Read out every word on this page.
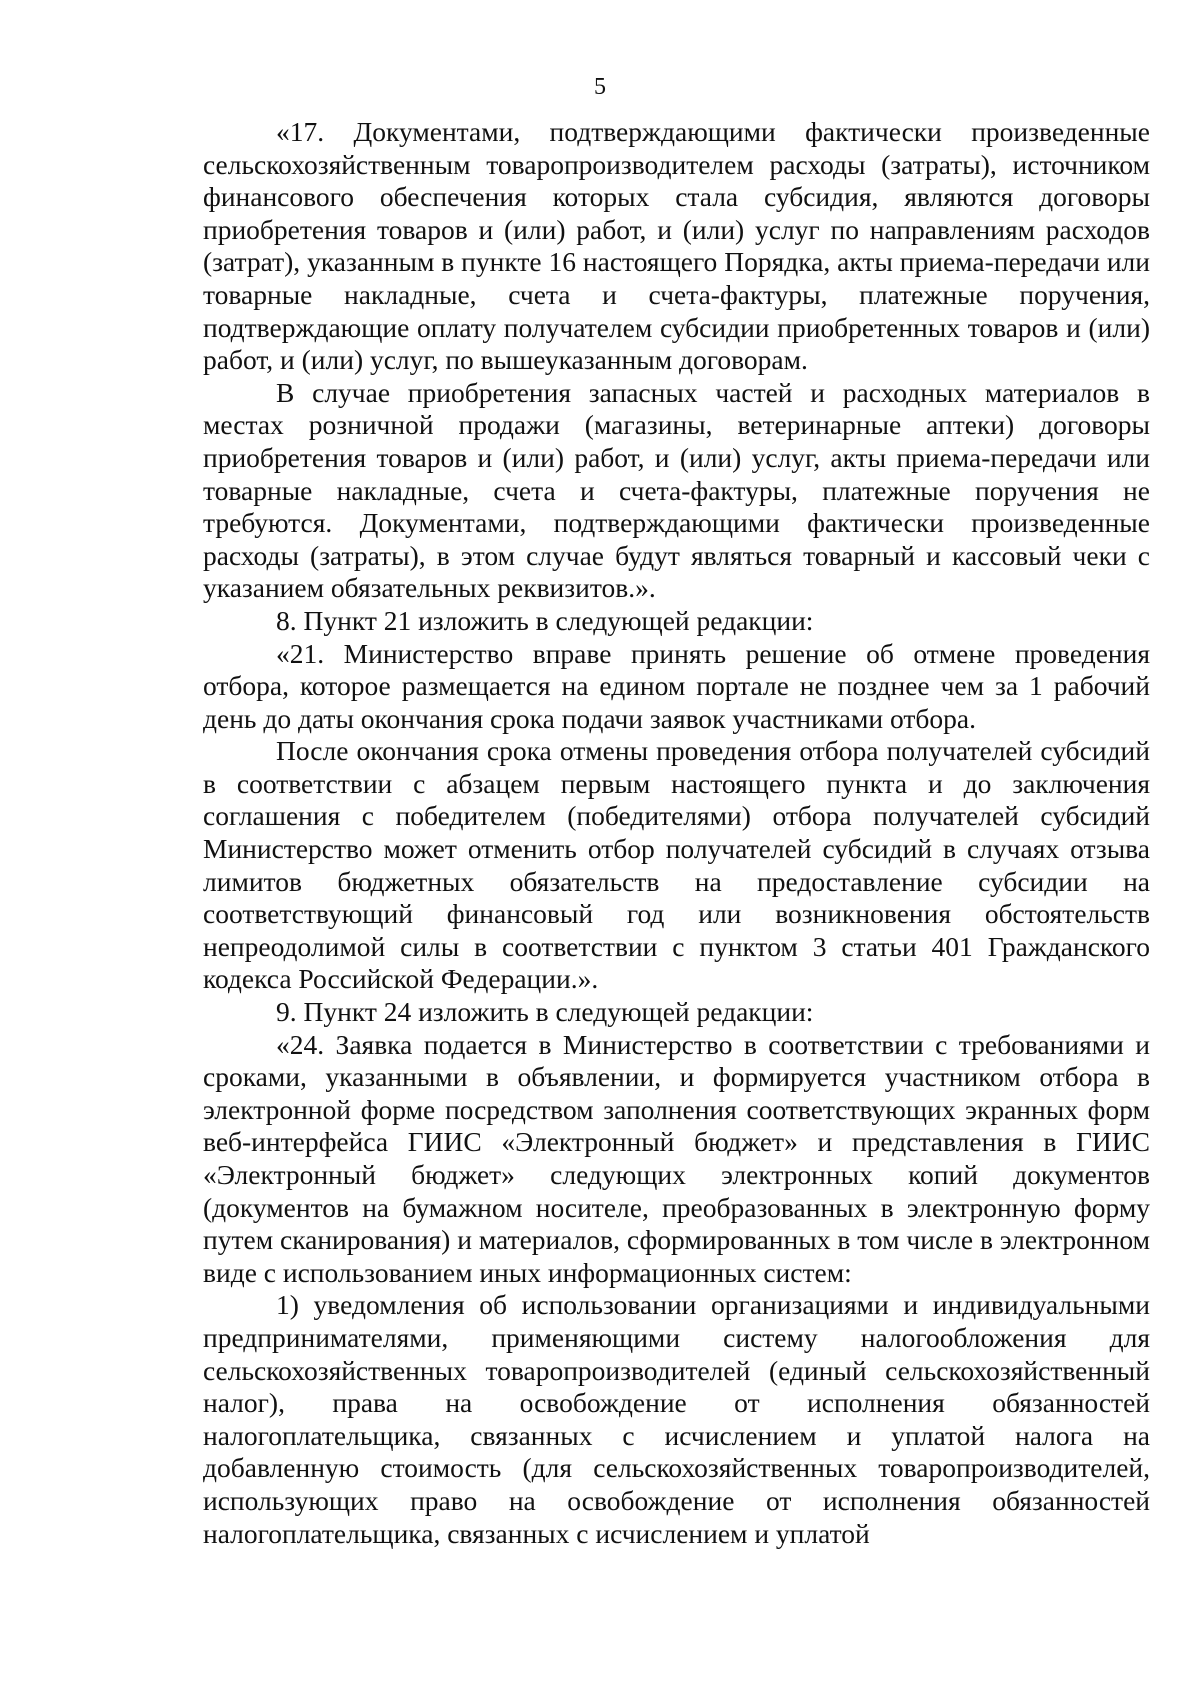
5

«17. Документами, подтверждающими фактически произведенные сельскохозяйственным товаропроизводителем расходы (затраты), источником финансового обеспечения которых стала субсидия, являются договоры приобретения товаров и (или) работ, и (или) услуг по направлениям расходов (затрат), указанным в пункте 16 настоящего Порядка, акты приема-передачи или товарные накладные, счета и счета-фактуры, платежные поручения, подтверждающие оплату получателем субсидии приобретенных товаров и (или) работ, и (или) услуг, по вышеуказанным договорам.

В случае приобретения запасных частей и расходных материалов в местах розничной продажи (магазины, ветеринарные аптеки) договоры приобретения товаров и (или) работ, и (или) услуг, акты приема-передачи или товарные накладные, счета и счета-фактуры, платежные поручения не требуются. Документами, подтверждающими фактически произведенные расходы (затраты), в этом случае будут являться товарный и кассовый чеки с указанием обязательных реквизитов.».

8. Пункт 21 изложить в следующей редакции:

«21. Министерство вправе принять решение об отмене проведения отбора, которое размещается на едином портале не позднее чем за 1 рабочий день до даты окончания срока подачи заявок участниками отбора.

После окончания срока отмены проведения отбора получателей субсидий в соответствии с абзацем первым настоящего пункта и до заключения соглашения с победителем (победителями) отбора получателей субсидий Министерство может отменить отбор получателей субсидий в случаях отзыва лимитов бюджетных обязательств на предоставление субсидии на соответствующий финансовый год или возникновения обстоятельств непреодолимой силы в соответствии с пунктом 3 статьи 401 Гражданского кодекса Российской Федерации.».

9. Пункт 24 изложить в следующей редакции:

«24. Заявка подается в Министерство в соответствии с требованиями и сроками, указанными в объявлении, и формируется участником отбора в электронной форме посредством заполнения соответствующих экранных форм веб-интерфейса ГИИС «Электронный бюджет» и представления в ГИИС «Электронный бюджет» следующих электронных копий документов (документов на бумажном носителе, преобразованных в электронную форму путем сканирования) и материалов, сформированных в том числе в электронном виде с использованием иных информационных систем:

1) уведомления об использовании организациями и индивидуальными предпринимателями, применяющими систему налогообложения для сельскохозяйственных товаропроизводителей (единый сельскохозяйственный налог), права на освобождение от исполнения обязанностей налогоплательщика, связанных с исчислением и уплатой налога на добавленную стоимость (для сельскохозяйственных товаропроизводителей, использующих право на освобождение от исполнения обязанностей налогоплательщика, связанных с исчислением и уплатой
